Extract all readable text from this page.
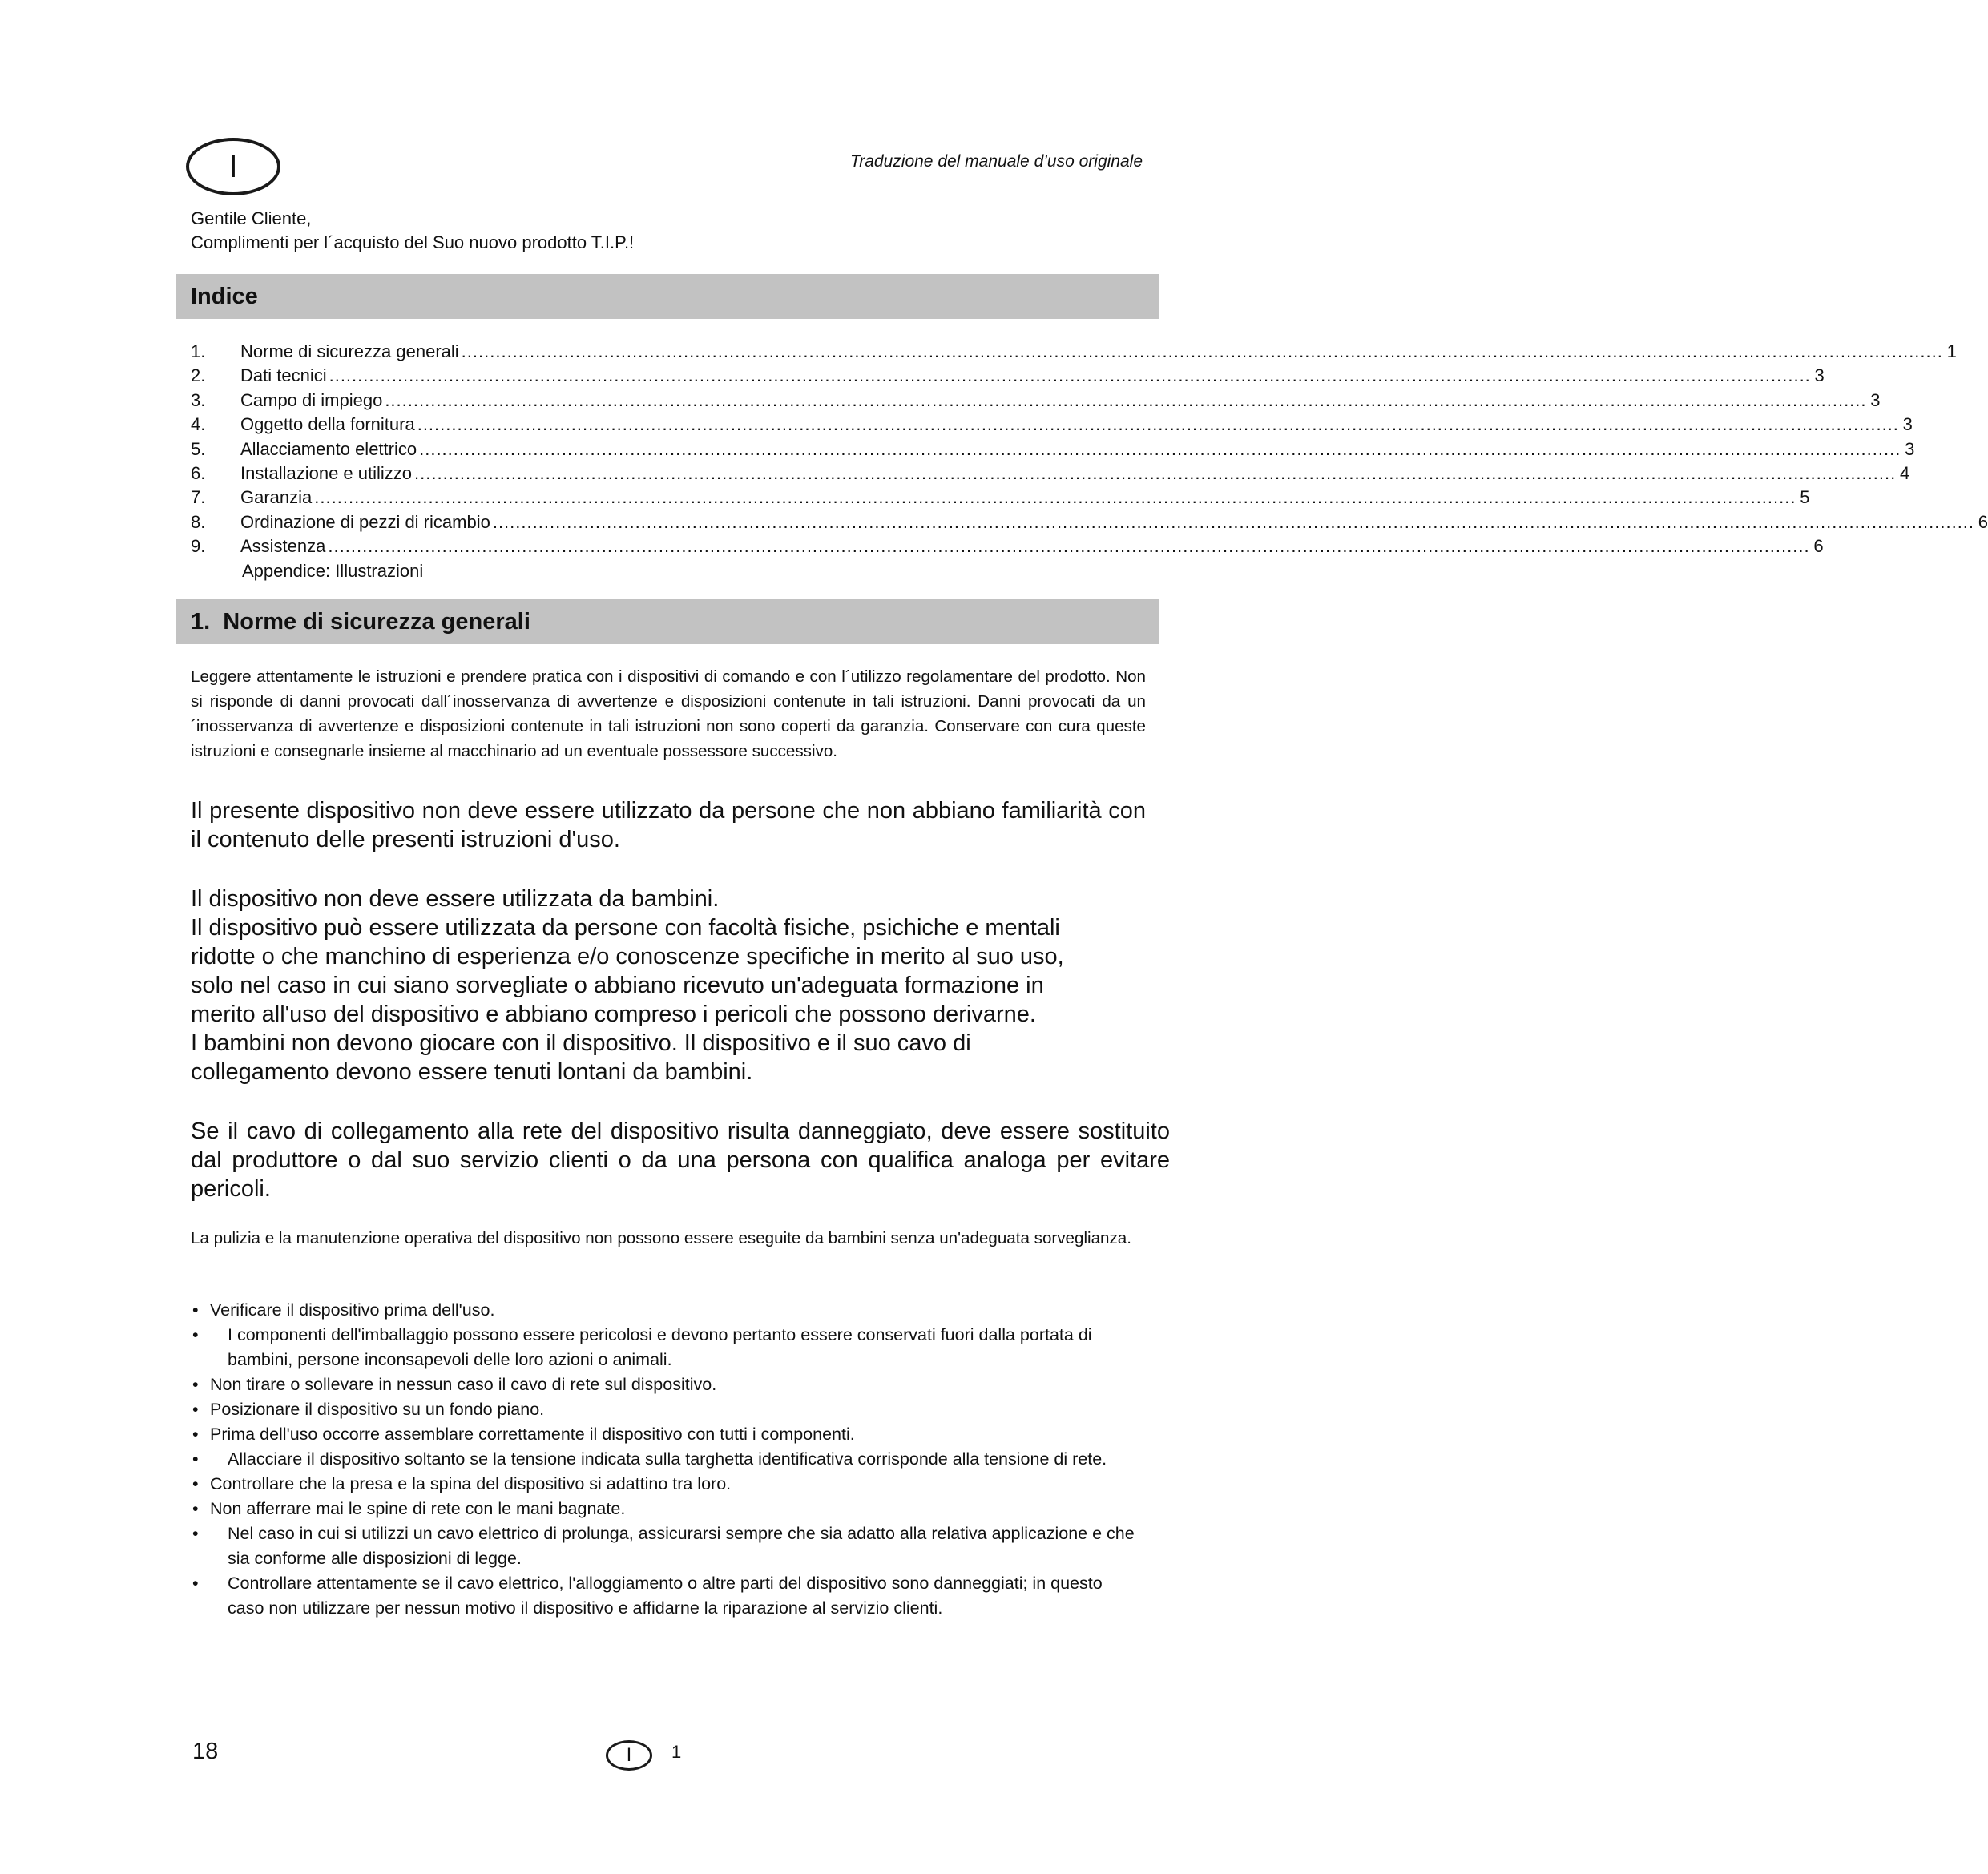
I	Traduzione del manuale d’uso originale
Gentile Cliente,
Complimenti per l´acquisto del Suo nuovo prodotto T.I.P.!
Indice
1.	Norme di sicurezza generali .................................................................................................................................................................................................................................................................... 1
2.	Dati tecnici .................................................................................................................................................................................................................................................................... 3
3.	Campo di impiego .................................................................................................................................................................................................................................................................... 3
4.	Oggetto della fornitura .................................................................................................................................................................................................................................................................... 3
5.	Allacciamento elettrico .................................................................................................................................................................................................................................................................... 3
6.	Installazione e utilizzo .................................................................................................................................................................................................................................................................... 4
7.	Garanzia .................................................................................................................................................................................................................................................................... 5
8.	Ordinazione di pezzi di ricambio .................................................................................................................................................................................................................................................................... 6
9.	Assistenza .................................................................................................................................................................................................................................................................... 6
Appendice: Illustrazioni
1.  Norme di sicurezza generali
Leggere attentamente le istruzioni e prendere pratica con i dispositivi di comando e con l´utilizzo regolamentare del prodotto. Non si risponde di danni provocati dall´inosservanza di avvertenze e disposizioni contenute in tali istruzioni. Danni provocati da un´inosservanza di avvertenze e disposizioni contenute in tali istruzioni non sono coperti da garanzia. Conservare con cura queste istruzioni e consegnarle insieme al macchinario ad un eventuale possessore successivo.
Il presente dispositivo non deve essere utilizzato da persone che non abbiano familiarità con il contenuto delle presenti istruzioni d'uso.
Il dispositivo non deve essere utilizzata da bambini.
Il dispositivo può essere utilizzata da persone con facoltà fisiche, psichiche e mentali
ridotte o che manchino di esperienza e/o conoscenze specifiche in merito al suo uso,
solo nel caso in cui siano sorvegliate o abbiano ricevuto un'adeguata formazione in
merito all'uso del dispositivo e abbiano compreso i pericoli che possono derivarne.
I bambini non devono giocare con il dispositivo. Il dispositivo e il suo cavo di
collegamento devono essere tenuti lontani da bambini.
Se il cavo di collegamento alla rete del dispositivo risulta danneggiato, deve essere sostituito dal produttore o dal suo servizio clienti o da una persona con qualifica analoga per evitare pericoli.
La pulizia e la manutenzione operativa del dispositivo non possono essere eseguite da bambini senza un'adeguata sorveglianza.
• Verificare il dispositivo prima dell'uso.
• I componenti dell'imballaggio possono essere pericolosi e devono pertanto essere conservati fuori dalla portata di bambini, persone inconsapevoli delle loro azioni o animali.
• Non tirare o sollevare in nessun caso il cavo di rete sul dispositivo.
• Posizionare il dispositivo su un fondo piano.
• Prima dell'uso occorre assemblare correttamente il dispositivo con tutti i componenti.
• Allacciare il dispositivo soltanto se la tensione indicata sulla targhetta identificativa corrisponde alla tensione di rete.
• Controllare che la presa e la spina del dispositivo si adattino tra loro.
• Non afferrare mai le spine di rete con le mani bagnate.
• Nel caso in cui si utilizzi un cavo elettrico di prolunga, assicurarsi sempre che sia adatto alla relativa applicazione e che sia conforme alle disposizioni di legge.
• Controllare attentamente se il cavo elettrico, l'alloggiamento o altre parti del dispositivo sono danneggiati; in questo caso non utilizzare per nessun motivo il dispositivo e affidarne la riparazione al servizio clienti.
18	I 1
